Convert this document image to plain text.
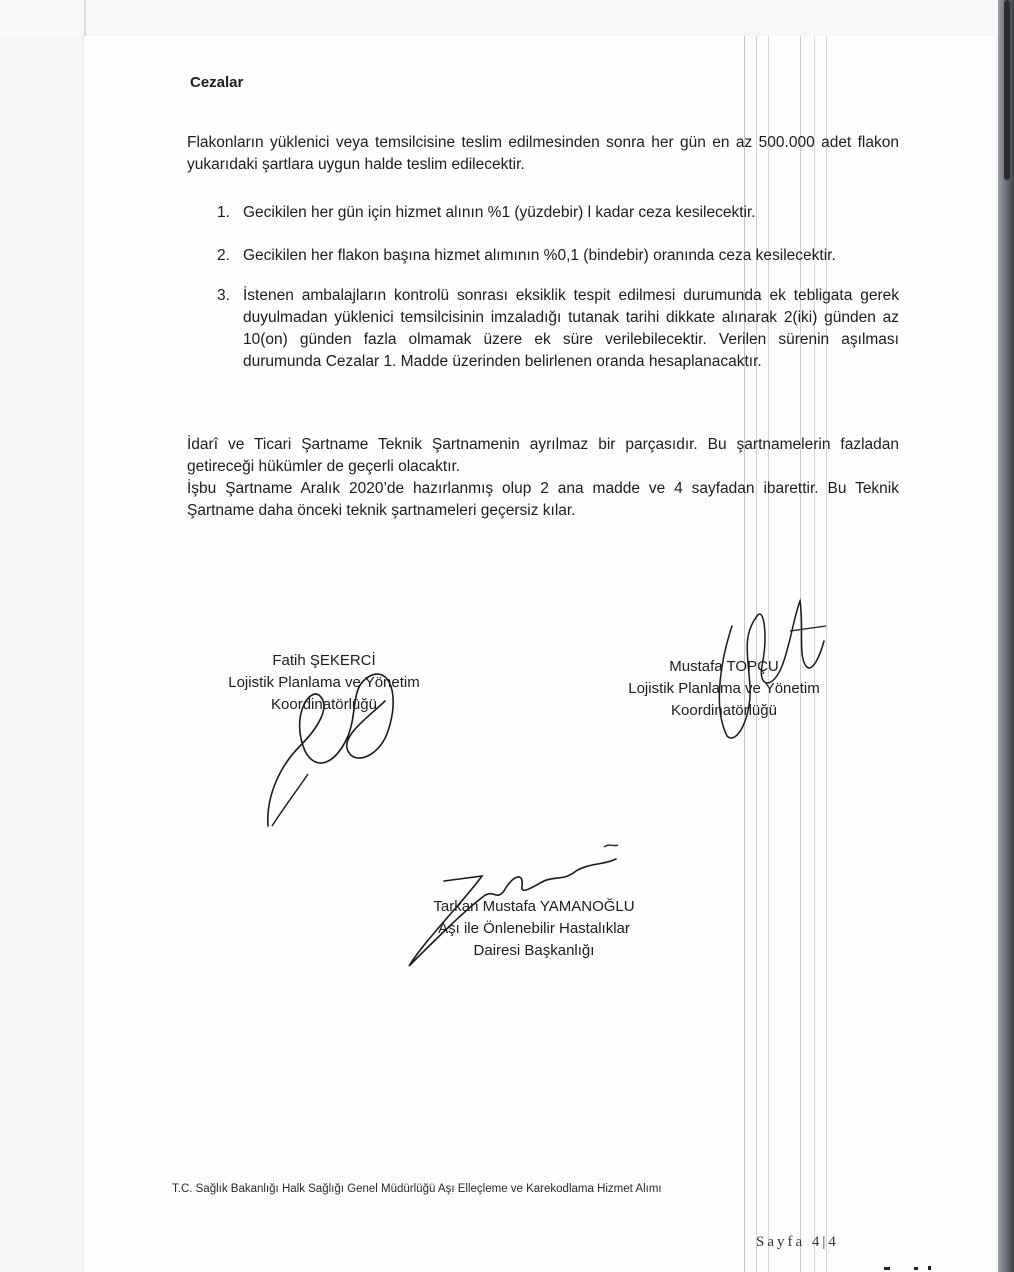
Cezalar
Flakonların yüklenici veya temsilcisine teslim edilmesinden sonra her gün en az 500.000 adet flakon yukarıdaki şartlara uygun halde teslim edilecektir.
1. Gecikilen her gün için hizmet alının %1 (yüzdebir) l kadar ceza kesilecektir.
2. Gecikilen her flakon başına hizmet alımının %0,1 (bindebir) oranında ceza kesilecektir.
3. İstenen ambalajların kontrolü sonrası eksiklik tespit edilmesi durumunda ek tebligata gerek duyulmadan yüklenici temsilcisinin imzaladığı tutanak tarihi dikkate alınarak 2(iki) günden az 10(on) günden fazla olmamak üzere ek süre verilebilecektir. Verilen sürenin aşılması durumunda Cezalar 1. Madde üzerinden belirlenen oranda hesaplanacaktır.
İdarî ve Ticari Şartname Teknik Şartnamenin ayrılmaz bir parçasıdır. Bu şartnamelerin fazladan getireceği hükümler de geçerli olacaktır.
İşbu Şartname Aralık 2020’de hazırlanmış olup 2 ana madde ve 4 sayfadan ibarettir. Bu Teknik Şartname daha önceki teknik şartnameleri geçersiz kılar.
Fatih ŞEKERCİ
Lojistik Planlama ve Yönetim
Koordinatörlüğü
Mustafa TOPÇU
Lojistik Planlama ve Yönetim
Koordinatörlüğü
Tarkan Mustafa YAMANOĞLU
Aşı ile Önlenebilir Hastalıklar
Dairesi Başkanlığı
T.C. Sağlık Bakanlığı Halk Sağlığı Genel Müdürlüğü Aşı Elleçleme ve Karekodlama Hizmet Alımı
Sayfa 4|4
